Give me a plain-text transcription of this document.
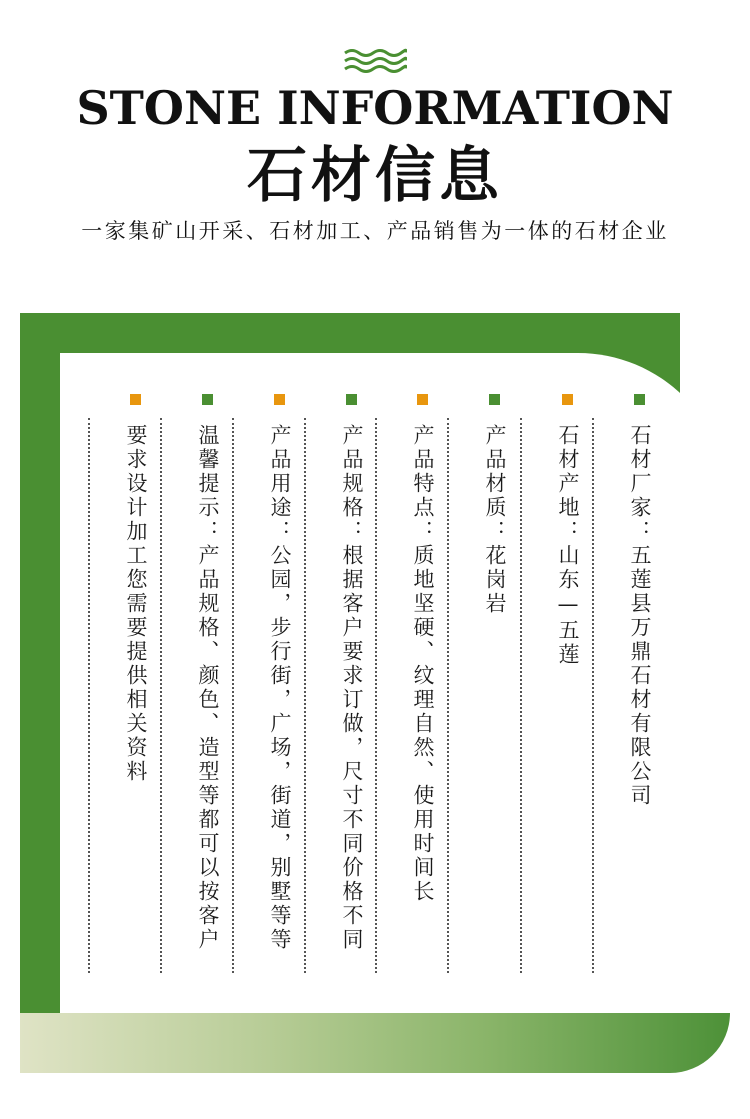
STONE INFORMATION
石材信息
一家集矿山开采、石材加工、产品销售为一体的石材企业
石材厂家：五莲县万鼎石材有限公司
石材产地：山东—五莲
产品材质：花岗岩
产品特点：质地坚硬、纹理自然、使用时间长
产品规格：根据客户要求订做，尺寸不同价格不同
产品用途：公园，步行街，广场，街道，别墅等等
温馨提示：产品规格、颜色、造型等都可以按客户
要求设计加工您需要提供相关资料
